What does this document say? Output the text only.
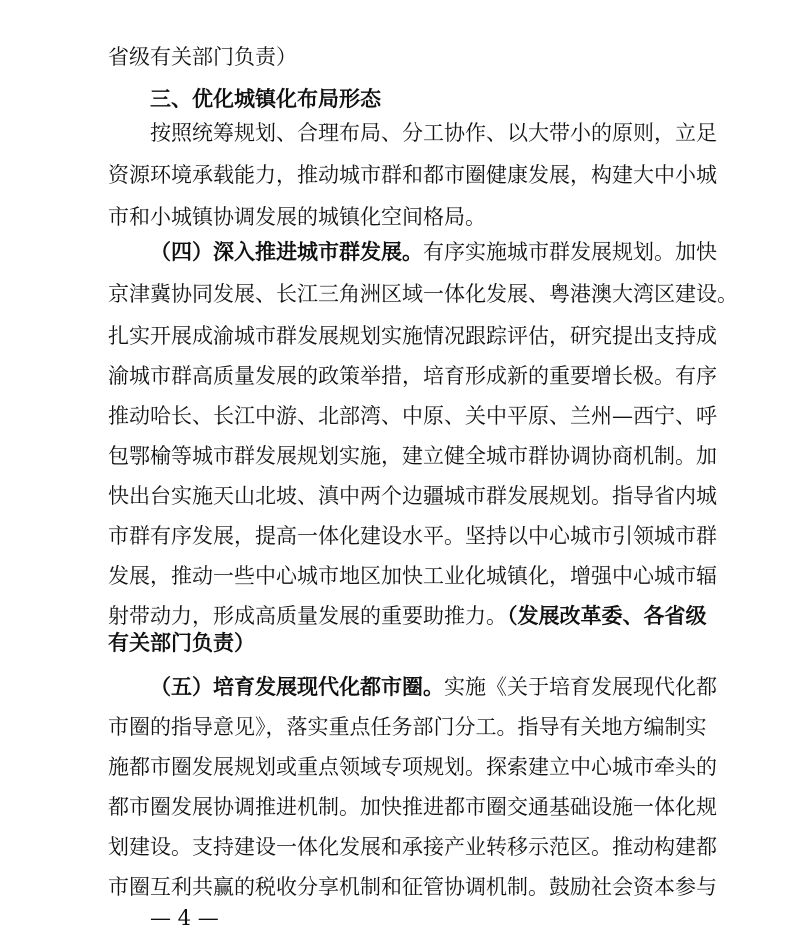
省级有关部门负责）
三、优化城镇化布局形态
按照统筹规划、合理布局、分工协作、以大带小的原则，立足
资源环境承载能力，推动城市群和都市圈健康发展，构建大中小城
市和小城镇协调发展的城镇化空间格局。
（四）深入推进城市群发展。有序实施城市群发展规划。加快
京津冀协同发展、长江三角洲区域一体化发展、粤港澳大湾区建设。
扎实开展成渝城市群发展规划实施情况跟踪评估，研究提出支持成
渝城市群高质量发展的政策举措，培育形成新的重要增长极。有序
推动哈长、长江中游、北部湾、中原、关中平原、兰州—西宁、呼
包鄂榆等城市群发展规划实施，建立健全城市群协调协商机制。加
快出台实施天山北坡、滇中两个边疆城市群发展规划。指导省内城
市群有序发展，提高一体化建设水平。坚持以中心城市引领城市群
发展，推动一些中心城市地区加快工业化城镇化，增强中心城市辐
射带动力，形成高质量发展的重要助推力。（发展改革委、各省级
有关部门负责）
（五）培育发展现代化都市圈。实施《关于培育发展现代化都
市圈的指导意见》，落实重点任务部门分工。指导有关地方编制实
施都市圈发展规划或重点领域专项规划。探索建立中心城市牵头的
都市圈发展协调推进机制。加快推进都市圈交通基础设施一体化规
划建设。支持建设一体化发展和承接产业转移示范区。推动构建都
— 4 —
市圈互利共赢的税收分享机制和征管协调机制。鼓励社会资本参与
